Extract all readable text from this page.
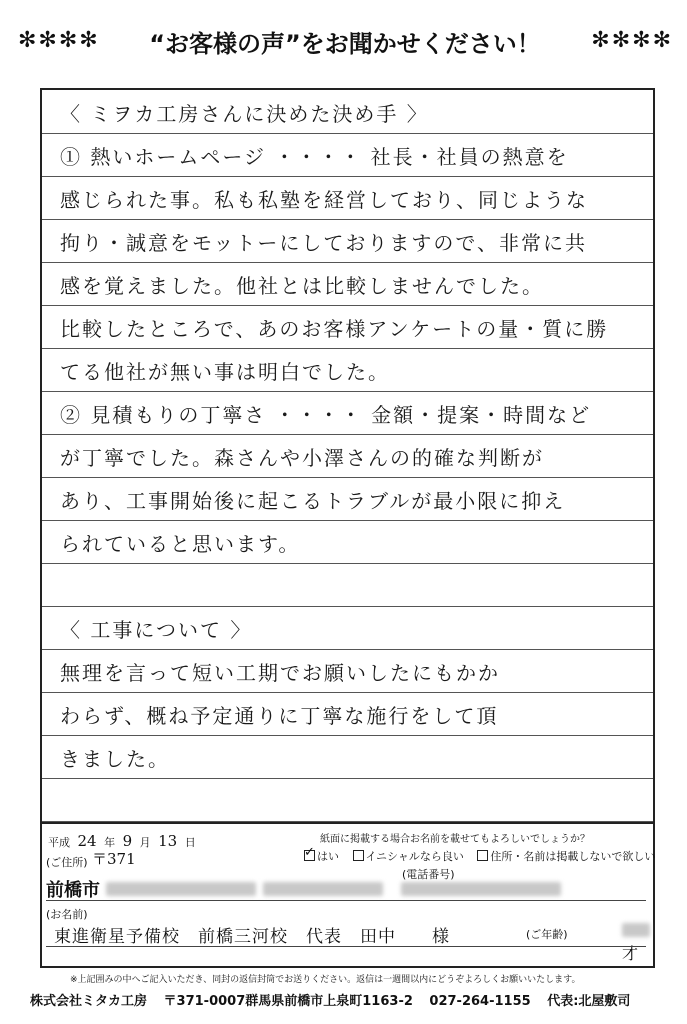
✻✻✻✻	“お客様の声”をお聞かせください！	✻✻✻✻
〈 ミヲカ工房さんに決めた決め手 〉
① 熱いホームページ ・・・・ 社長・社員の熱意を
感じられた事。私も私塾を経営しており、同じような
拘り・誠意をモットーにしておりますので、非常に共
感を覚えました。他社とは比較しませんでした。
比較したところで、あのお客様アンケートの量・質に勝
てる他社が無い事は明白でした。
② 見積もりの丁寧さ ・・・・ 金額・提案・時間など
が丁寧でした。森さんや小澤さんの的確な判断が
あり、工事開始後に起こるトラブルが最小限に抑え
られていると思います。
〈 工事について 〉
無理を言って短い工期でお願いしたにもかか
わらず、概ね予定通りに丁寧な施行をして頂
きました。
平成 24 年 9 月 13 日	紙面に掲載する場合お名前を載せてもよろしいでしょうか？
✓はい イニシャルなら良い 住所・名前は掲載しないで欲しい
(電話番号)
(ご住所) 〒371
前橋市
(お名前)
東進衛星予備校　前橋三河校　代表　田中　　様	(ご年齢)
才
※上記囲みの中へご記入いただき、同封の返信封筒でお送りください。返信は一週間以内にどうぞよろしくお願いいたします。
株式会社ミタカ工房 〒371-0007群馬県前橋市上泉町1163-2 027-264-1155 代表:北屋敷司
